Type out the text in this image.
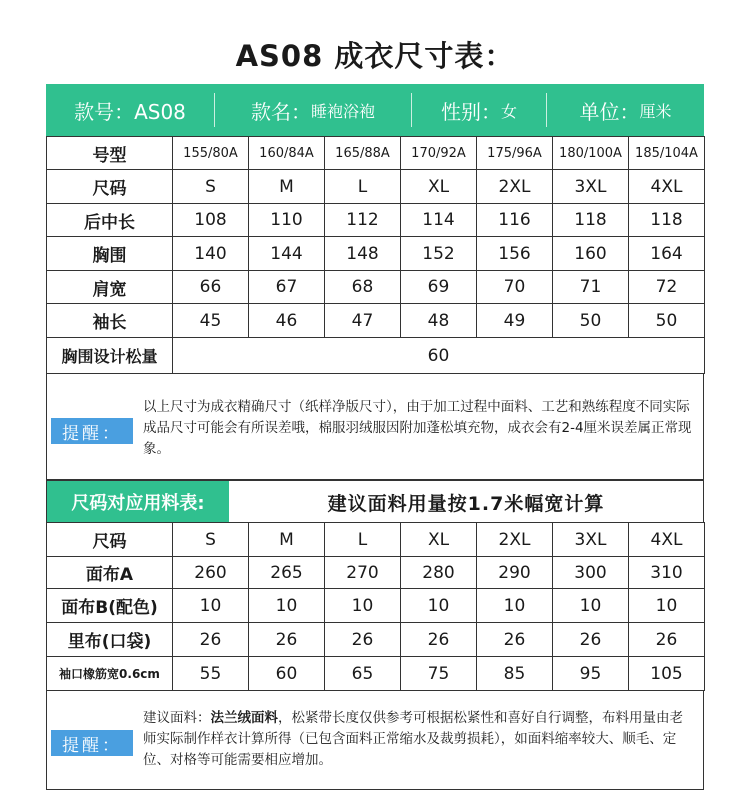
AS08 成衣尺寸表：
款号：AS08	款名： 睡袍浴袍	性别： 女	单位： 厘米
号型	155/80A	160/84A	165/88A	170/92A	175/96A	180/100A	185/104A
尺码	S	M	L	XL	2XL	3XL	4XL
后中长	108	110	112	114	116	118	118
胸围	140	144	148	152	156	160	164
肩宽	66	67	68	69	70	71	72
袖长	45	46	47	48	49	50	50
胸围设计松量	60						
提醒：
以上尺寸为成衣精确尺寸（纸样净版尺寸），由于加工过程中面料、工艺和熟练程度不同实际成品尺寸可能会有所误差哦，棉服羽绒服因附加蓬松填充物，成衣会有2-4厘米误差属正常现象。
尺码对应用料表:	建议面料用量按1.7米幅宽计算
尺码	S	M	L	XL	2XL	3XL	4XL
面布A	260	265	270	280	290	300	310
面布B(配色)	10	10	10	10	10	10	10
里布(口袋)	26	26	26	26	26	26	26
袖口橡筋宽0.6cm	55	60	65	75	85	95	105
提醒：
建议面料：法兰绒面料，松紧带长度仅供参考可根据松紧性和喜好自行调整，布料用量由老师实际制作样衣计算所得（已包含面料正常缩水及裁剪损耗），如面料缩率较大、顺毛、定位、对格等可能需要相应增加。
